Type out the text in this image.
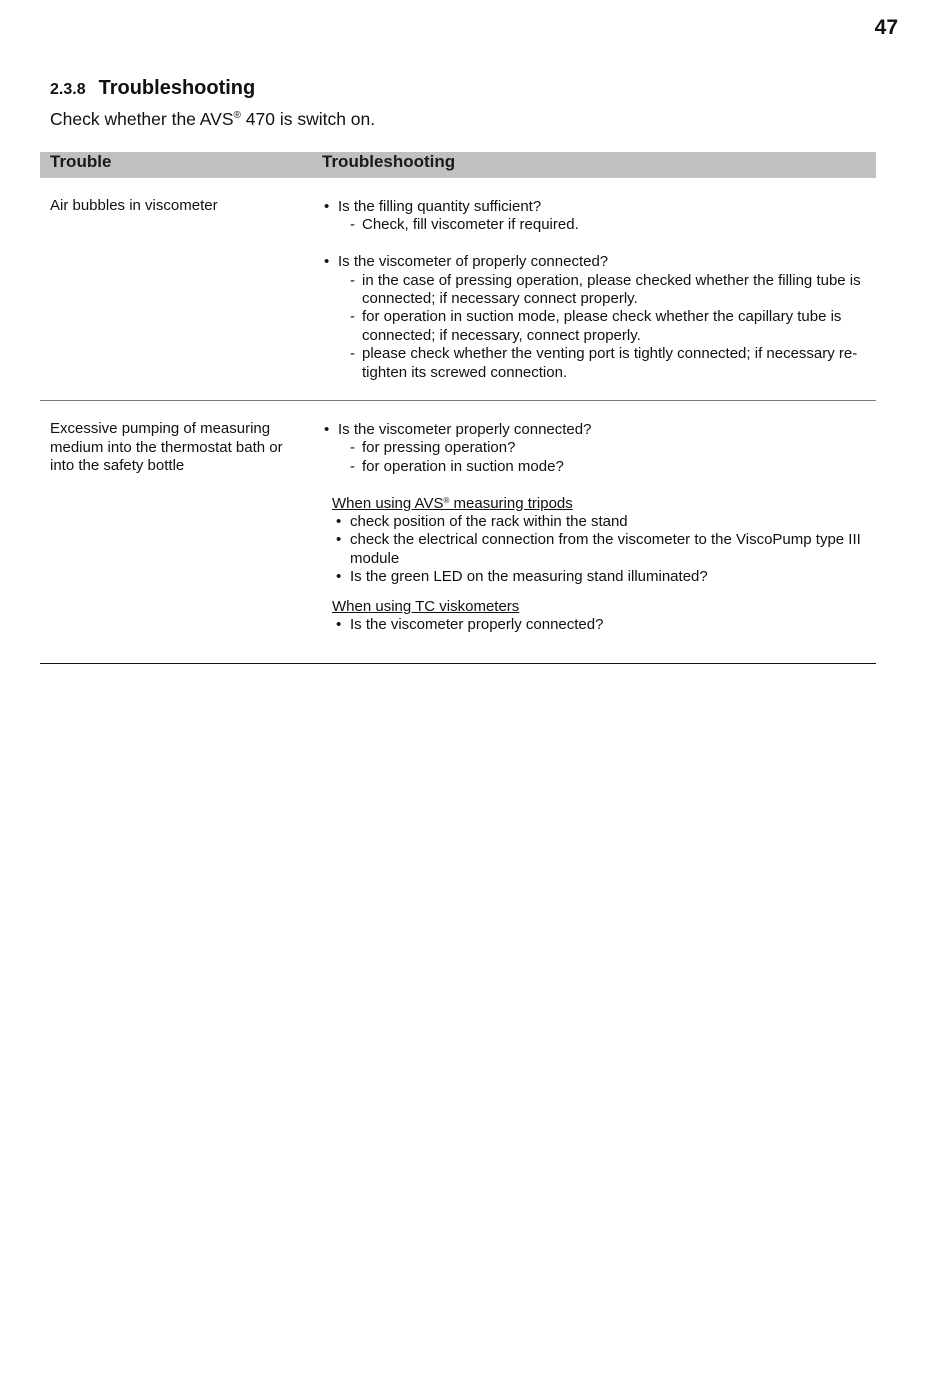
47
2.3.8 Troubleshooting
Check whether the AVS® 470 is switch on.
Trouble	Troubleshooting
Air bubbles in viscometer	• Is the filling quantity sufficient?
- Check, fill viscometer if required.
• Is the viscometer of properly connected?
- in the case of pressing operation, please checked whether the filling tube is connected; if necessary connect properly.
- for operation in suction mode, please check whether the capillary tube is connected; if necessary, connect properly.
- please check whether the venting port is tightly connected; if necessary re-tighten its screwed connection.
Excessive pumping of measuring medium into the thermostat bath or into the safety bottle
• Is the viscometer properly connected?
- for pressing operation?
- for operation in suction mode?
When using AVS® measuring tripods
• check position of the rack within the stand
• check the electrical connection from the viscometer to the ViscoPump type III module
• Is the green LED on the measuring stand illuminated?
When using TC viskometers
• Is the viscometer properly connected?
